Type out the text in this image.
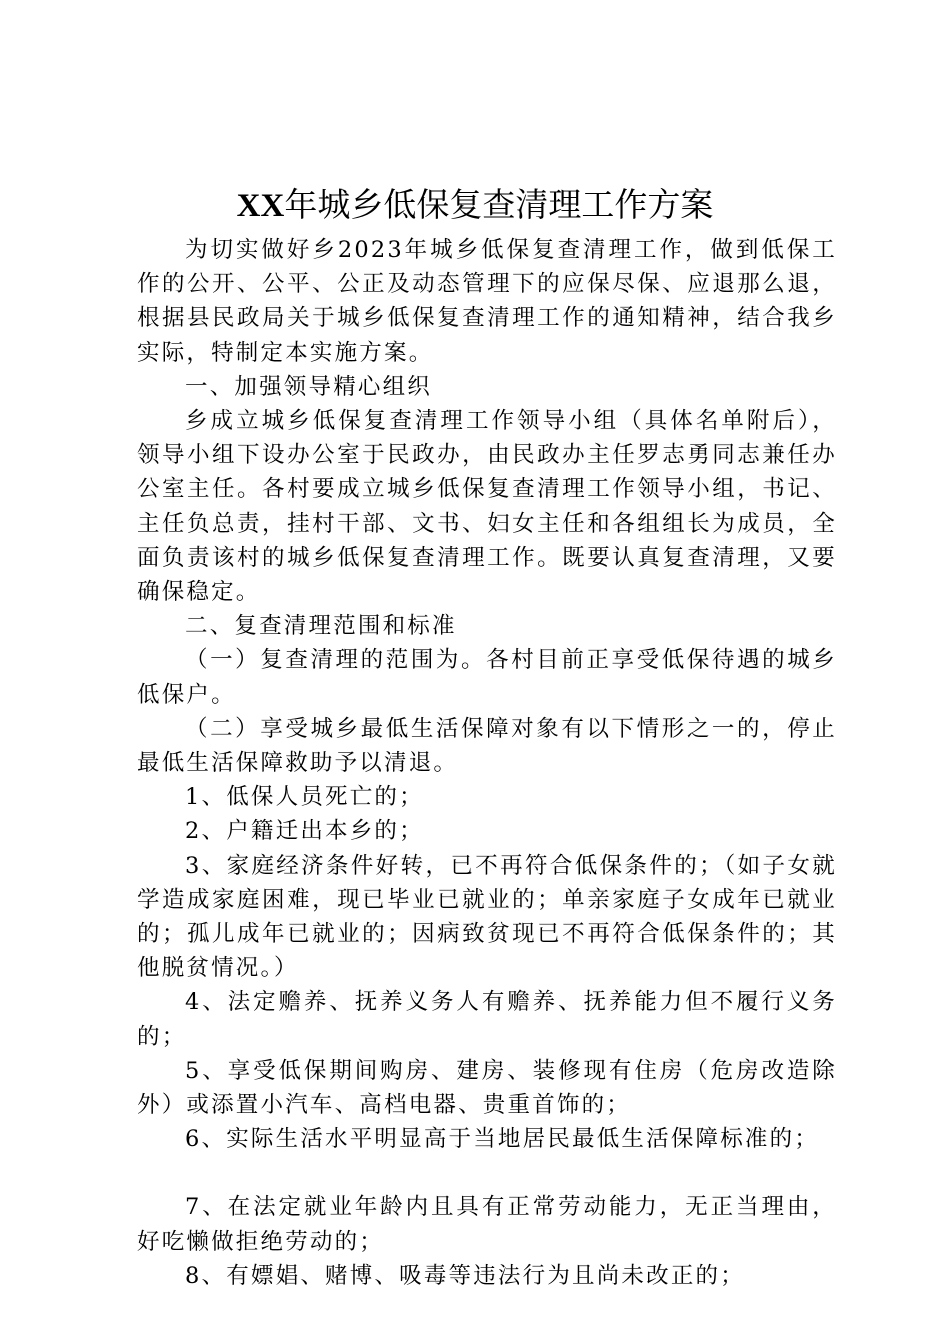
XX年城乡低保复查清理工作方案

为切实做好乡2023年城乡低保复查清理工作，做到低保工作的公开、公平、公正及动态管理下的应保尽保、应退那么退，根据县民政局关于城乡低保复查清理工作的通知精神，结合我乡实际，特制定本实施方案。

一、加强领导精心组织

乡成立城乡低保复查清理工作领导小组（具体名单附后），领导小组下设办公室于民政办，由民政办主任罗志勇同志兼任办公室主任。各村要成立城乡低保复查清理工作领导小组，书记、主任负总责，挂村干部、文书、妇女主任和各组组长为成员，全面负责该村的城乡低保复查清理工作。既要认真复查清理，又要确保稳定。

二、复查清理范围和标准

（一）复查清理的范围为。各村目前正享受低保待遇的城乡低保户。

（二）享受城乡最低生活保障对象有以下情形之一的，停止最低生活保障救助予以清退。

1、低保人员死亡的；

2、户籍迁出本乡的；

3、家庭经济条件好转，已不再符合低保条件的；（如子女就学造成家庭困难，现已毕业已就业的；单亲家庭子女成年已就业的；孤儿成年已就业的；因病致贫现已不再符合低保条件的；其他脱贫情况。）

4、法定赡养、抚养义务人有赡养、抚养能力但不履行义务的；

5、享受低保期间购房、建房、装修现有住房（危房改造除外）或添置小汽车、高档电器、贵重首饰的；

6、实际生活水平明显高于当地居民最低生活保障标准的；

7、在法定就业年龄内且具有正常劳动能力，无正当理由，好吃懒做拒绝劳动的；

8、有嫖娼、赌博、吸毒等违法行为且尚未改正的；
